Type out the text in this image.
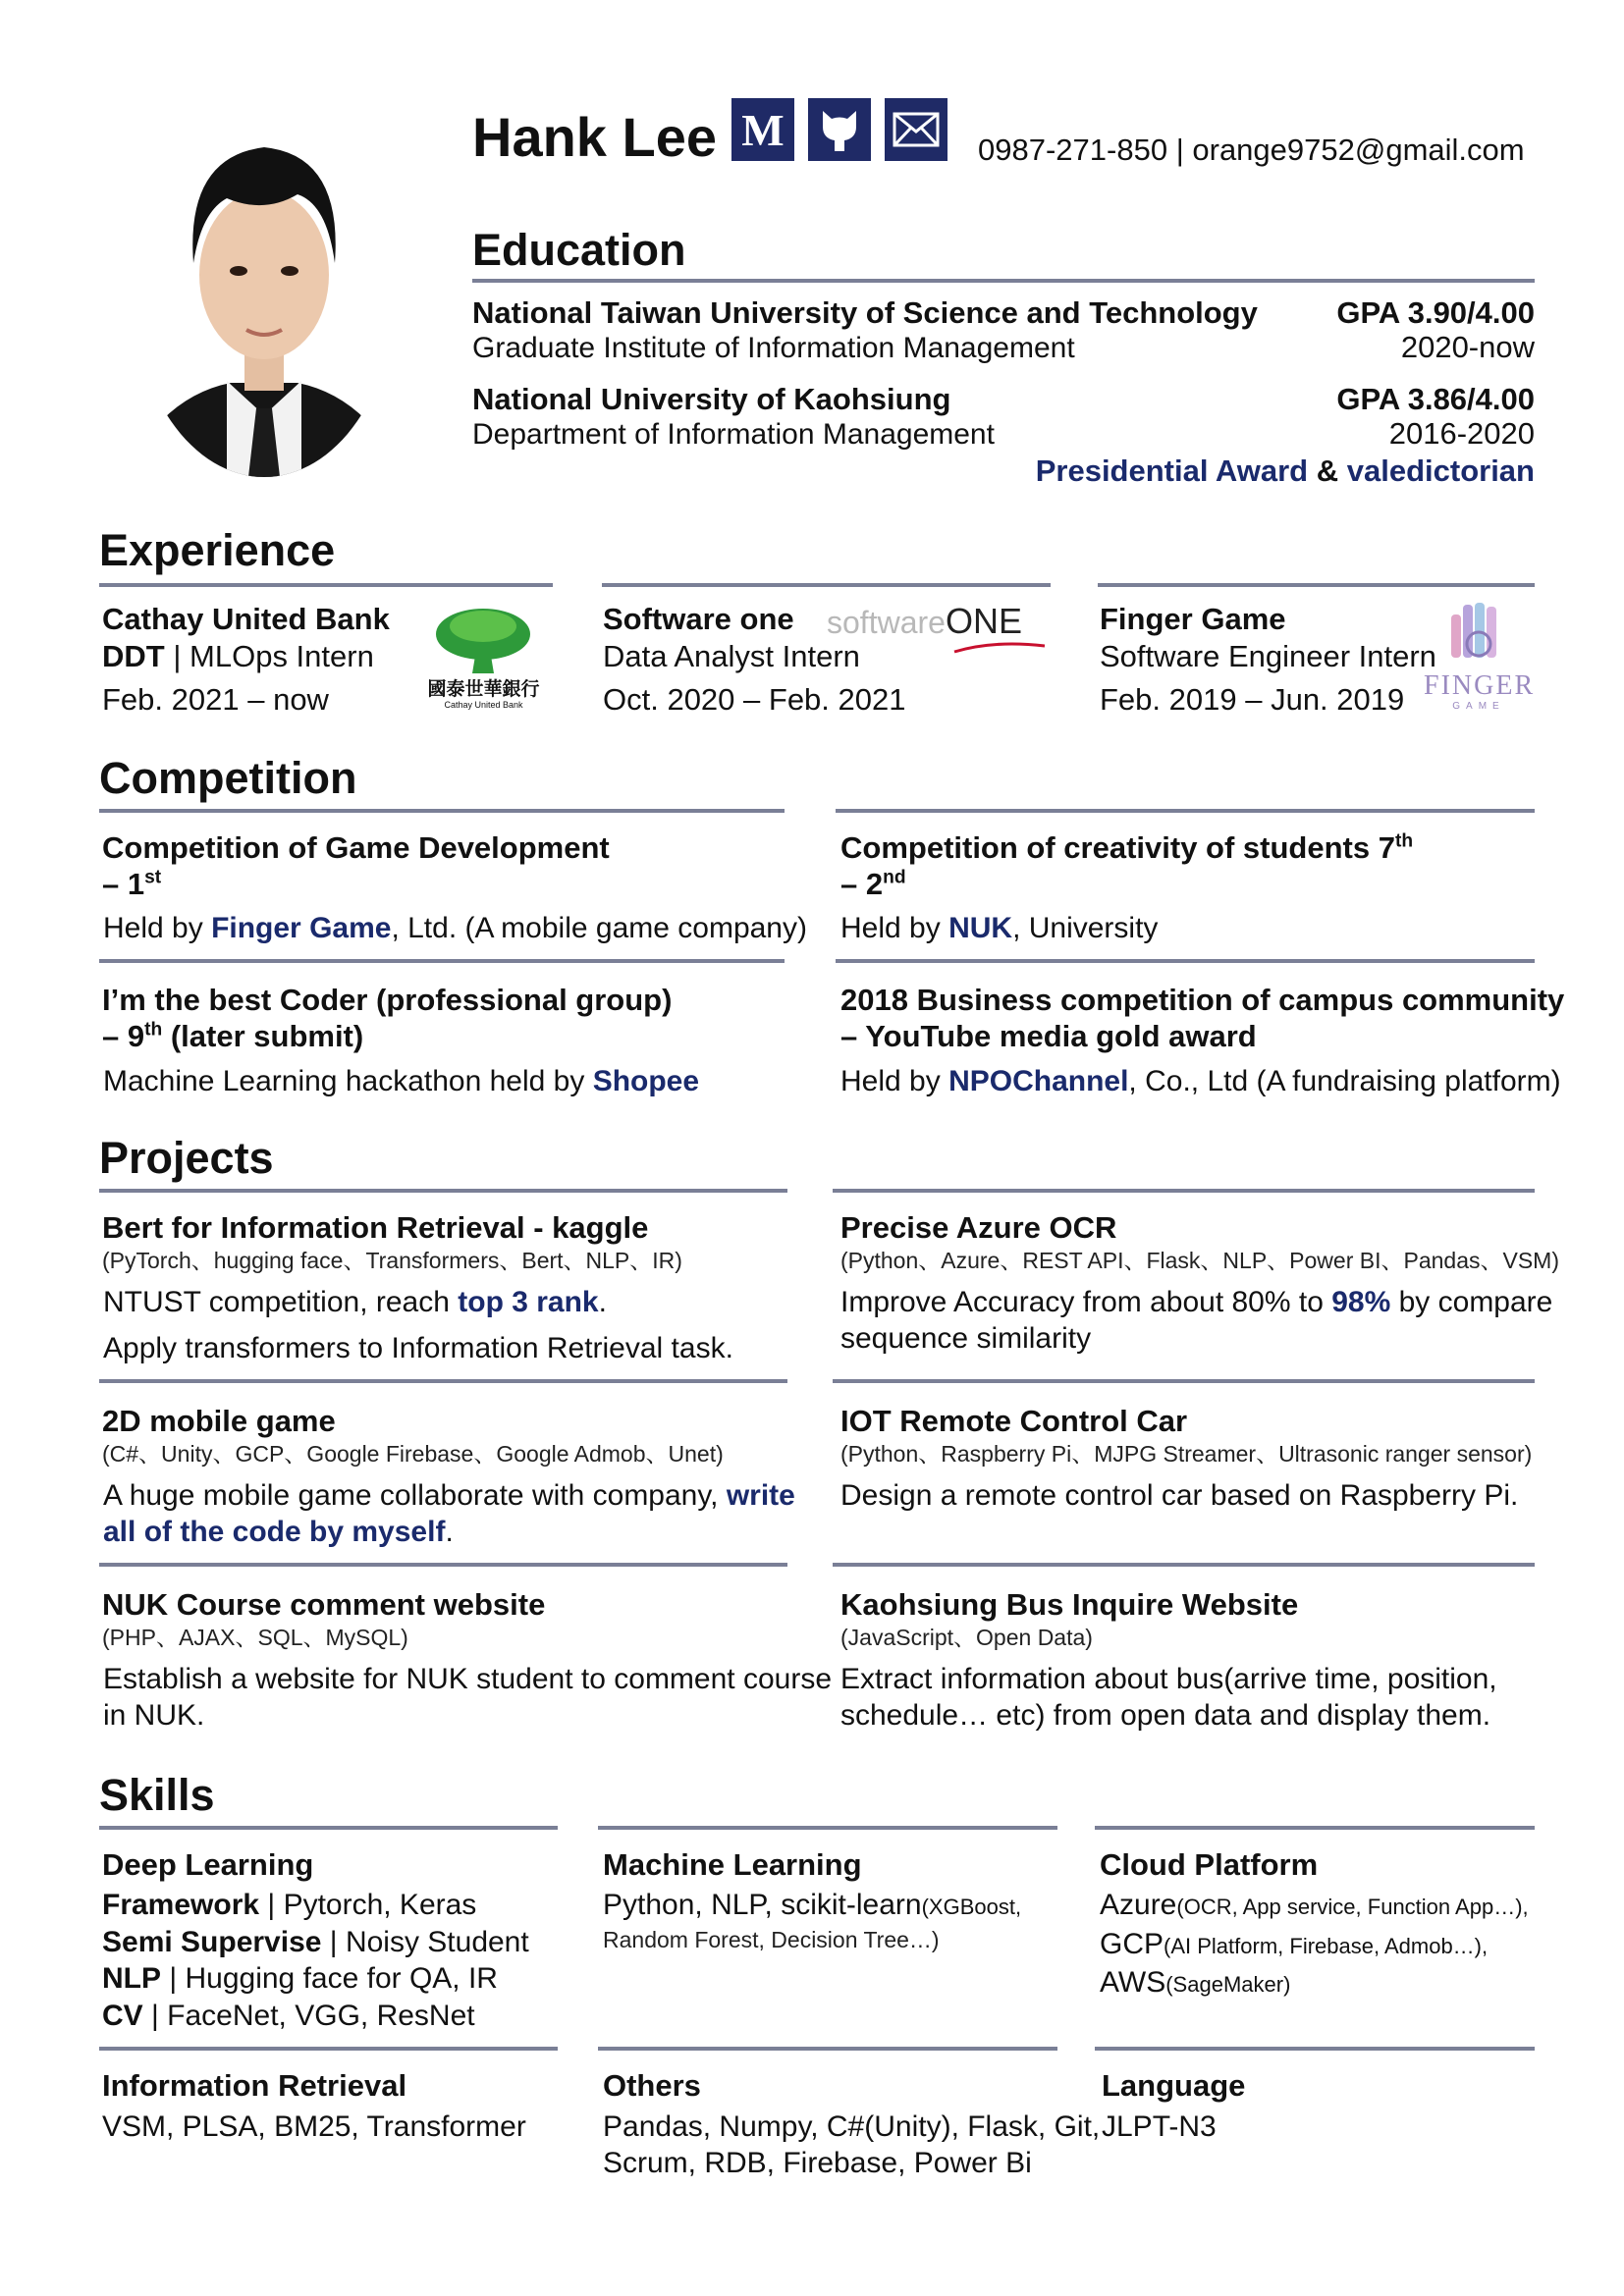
Hank Lee M	0987-271-850 | orange9752@gmail.com
Education
National Taiwan University of Science and Technology	GPA 3.90/4.00
Graduate Institute of Information Management	2020-now
National University of Kaohsiung	GPA 3.86/4.00
Department of Information Management	2016-2020
Presidential Award & valedictorian
Experience
Cathay United Bank
DDT | MLOps Intern
Feb. 2021 – now	國泰世華銀行
Cathay United Bank
Software one
Data Analyst Intern
Oct. 2020 – Feb. 2021
softwareONE	Finger Game
Software Engineer Intern
Feb. 2019 – Jun. 2019 FINGER
GAME
Competition
Competition of Game Development
– 1st
Held by Finger Game, Ltd. (A mobile game company)
Competition of creativity of students 7th
– 2nd
Held by NUK, University
I’m the best Coder (professional group)
– 9th (later submit)
Machine Learning hackathon held by Shopee
2018 Business competition of campus community
– YouTube media gold award
Held by NPOChannel, Co., Ltd (A fundraising platform)
Projects
Bert for Information Retrieval - kaggle
(PyTorch、hugging face、Transformers、Bert、NLP、IR)
NTUST competition, reach top 3 rank.
Apply transformers to Information Retrieval task.
Precise Azure OCR
(Python、Azure、REST API、Flask、NLP、Power BI、Pandas、VSM)
Improve Accuracy from about 80% to 98% by compare
sequence similarity
2D mobile game
(C#、Unity、GCP、Google Firebase、Google Admob、Unet)
A huge mobile game collaborate with company, write
all of the code by myself.
IOT Remote Control Car
(Python、Raspberry Pi、MJPG Streamer、Ultrasonic ranger sensor)
Design a remote control car based on Raspberry Pi.
NUK Course comment website
(PHP、AJAX、SQL、MySQL)
Establish a website for NUK student to comment course
in NUK.
Kaohsiung Bus Inquire Website
(JavaScript、Open Data)
Extract information about bus(arrive time, position,
schedule… etc) from open data and display them.
Skills
Deep Learning
Framework | Pytorch, Keras
Semi Supervise | Noisy Student
NLP | Hugging face for QA, IR
CV | FaceNet, VGG, ResNet
Machine Learning
Python, NLP, scikit-learn(XGBoost,
Random Forest, Decision Tree…)
Cloud Platform
Azure(OCR, App service, Function App…),
GCP(AI Platform, Firebase, Admob…),
AWS(SageMaker)
Information Retrieval
VSM, PLSA, BM25, Transformer
Others
Pandas, Numpy, C#(Unity), Flask, Git,
Scrum, RDB, Firebase, Power Bi
Language
JLPT-N3
